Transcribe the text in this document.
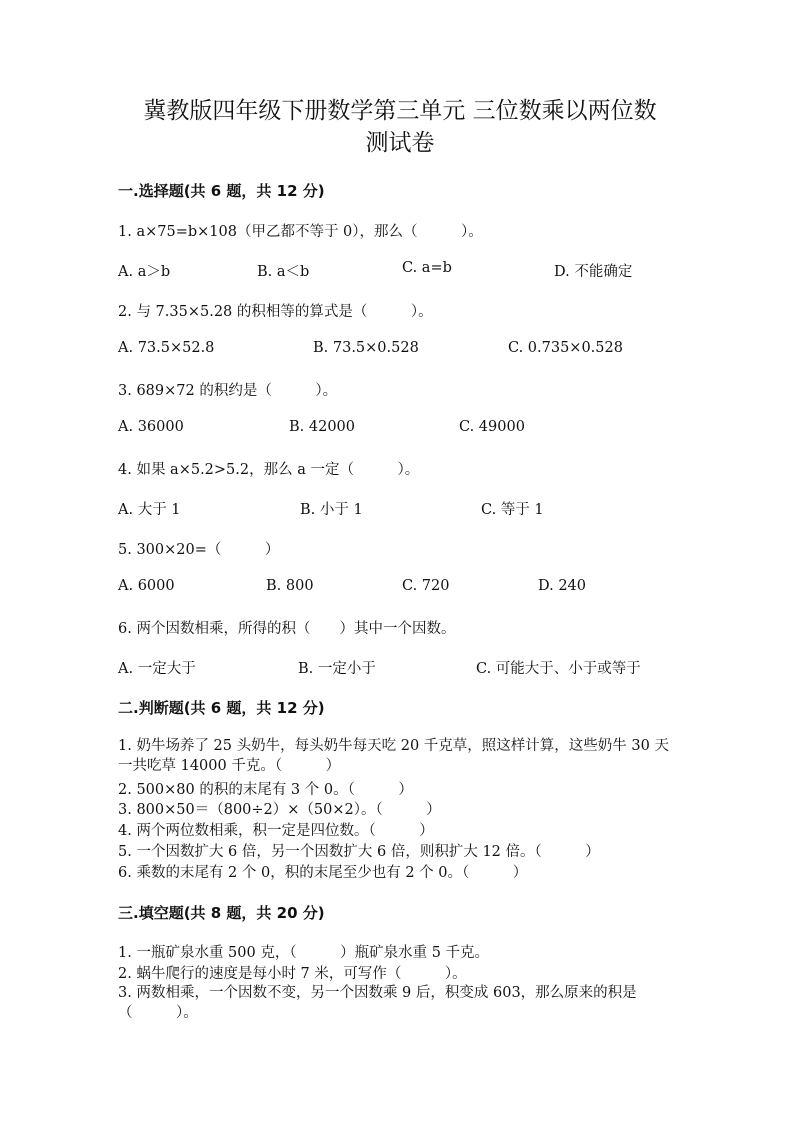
冀教版四年级下册数学第三单元 三位数乘以两位数
测试卷
一.选择题(共 6 题，共 12 分)
1. a×75=b×108（甲乙都不等于 0），那么（　　　）。
A. a＞b	B. a＜b	C. a=b	D. 不能确定
2. 与 7.35×5.28 的积相等的算式是（　　　）。
A. 73.5×52.8	B. 73.5×0.528	C. 0.735×0.528
3. 689×72 的积约是（　　　）。
A. 36000	B. 42000	C. 49000
4. 如果 a×5.2>5.2，那么 a 一定（　　　）。
A. 大于 1	B. 小于 1	C. 等于 1
5. 300×20=（　　　）
A. 6000	B. 800	C. 720	D. 240
6. 两个因数相乘，所得的积（　　）其中一个因数。
A. 一定大于	B. 一定小于	C. 可能大于、小于或等于
二.判断题(共 6 题，共 12 分)
1. 奶牛场养了 25 头奶牛，每头奶牛每天吃 20 千克草，照这样计算，这些奶牛 30 天一共吃草 14000 千克。（　　　）
2. 500×80 的积的末尾有 3 个 0。（　　　）
3. 800×50＝（800÷2）×（50×2）。（　　　）
4. 两个两位数相乘，积一定是四位数。（　　　）
5. 一个因数扩大 6 倍，另一个因数扩大 6 倍，则积扩大 12 倍。（　　　）
6. 乘数的末尾有 2 个 0，积的末尾至少也有 2 个 0。（　　　）
三.填空题(共 8 题，共 20 分)
1. 一瓶矿泉水重 500 克，（　　　）瓶矿泉水重 5 千克。
2. 蜗牛爬行的速度是每小时 7 米，可写作（　　　）。
3. 两数相乘，一个因数不变，另一个因数乘 9 后，积变成 603，那么原来的积是（　　　）。
